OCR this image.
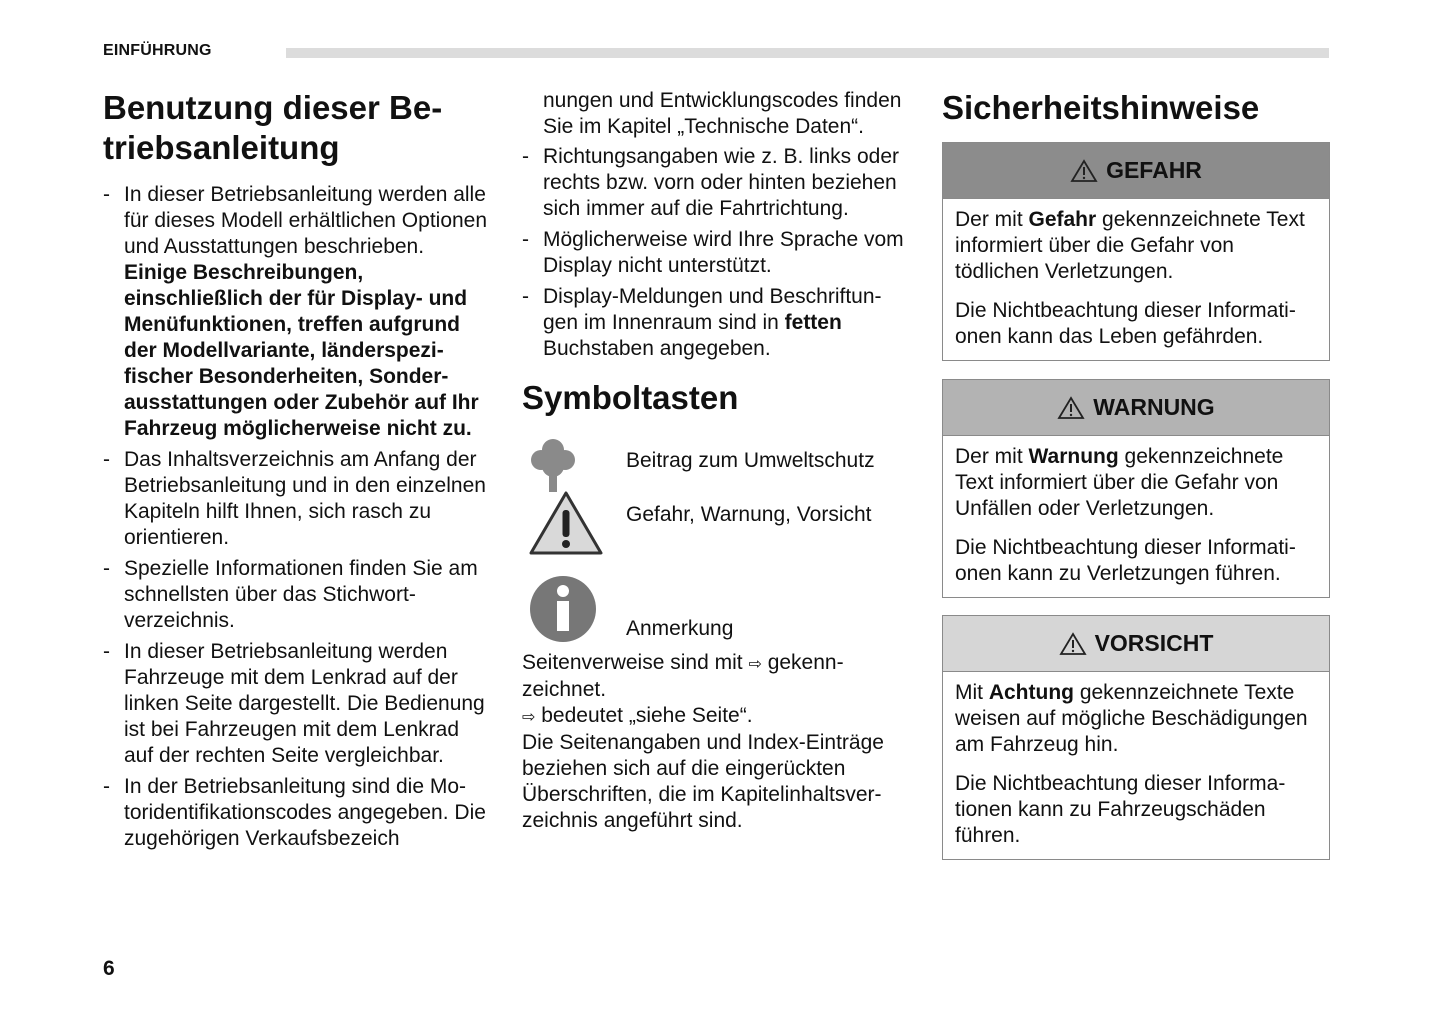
EINFÜHRUNG
Benutzung dieser Be-
triebsanleitung
- In dieser Betriebsanleitung werden alle für dieses Modell erhältlichen Optionen und Ausstattungen beschrieben. Einige Beschreibungen, einschließlich der für Display- und Menüfunktionen, treffen aufgrund der Modellvariante, länderspezifischer Besonderheiten, Sonderausstattungen oder Zubehör auf Ihr Fahrzeug möglicherweise nicht zu.
- Das Inhaltsverzeichnis am Anfang der Betriebsanleitung und in den einzelnen Kapiteln hilft Ihnen, sich rasch zu orientieren.
- Spezielle Informationen finden Sie am schnellsten über das Stichwortverzeichnis.
- In dieser Betriebsanleitung werden Fahrzeuge mit dem Lenkrad auf der linken Seite dargestellt. Die Bedienung ist bei Fahrzeugen mit dem Lenkrad auf der rechten Seite vergleichbar.
- In der Betriebsanleitung sind die Motoridentifikationscodes angegeben. Die zugehörigen Verkaufsbezeich
nungen und Entwicklungscodes finden Sie im Kapitel „Technische Daten“.
- Richtungsangaben wie z. B. links oder rechts bzw. vorn oder hinten beziehen sich immer auf die Fahrtrichtung.
- Möglicherweise wird Ihre Sprache vom Display nicht unterstützt.
- Display-Meldungen und Beschriftungen im Innenraum sind in fetten Buchstaben angegeben.
Symboltasten
Beitrag zum Umweltschutz
Gefahr, Warnung, Vorsicht
Anmerkung
Seitenverweise sind mit ⇨ gekennzeichnet.
⇨ bedeutet „siehe Seite“.
Die Seitenangaben und Index-Einträge beziehen sich auf die eingerückten Überschriften, die im Kapitelinhaltsverzeichnis angeführt sind.
Sicherheitshinweise
GEFAHR

Der mit Gefahr gekennzeichnete Text informiert über die Gefahr von tödlichen Verletzungen.

Die Nichtbeachtung dieser Informationen kann das Leben gefährden.

WARNUNG

Der mit Warnung gekennzeichnete Text informiert über die Gefahr von Unfällen oder Verletzungen.

Die Nichtbeachtung dieser Informationen kann zu Verletzungen führen.

VORSICHT

Mit Achtung gekennzeichnete Texte weisen auf mögliche Beschädigungen am Fahrzeug hin.

Die Nichtbeachtung dieser Informationen kann zu Fahrzeugschäden führen.

6
